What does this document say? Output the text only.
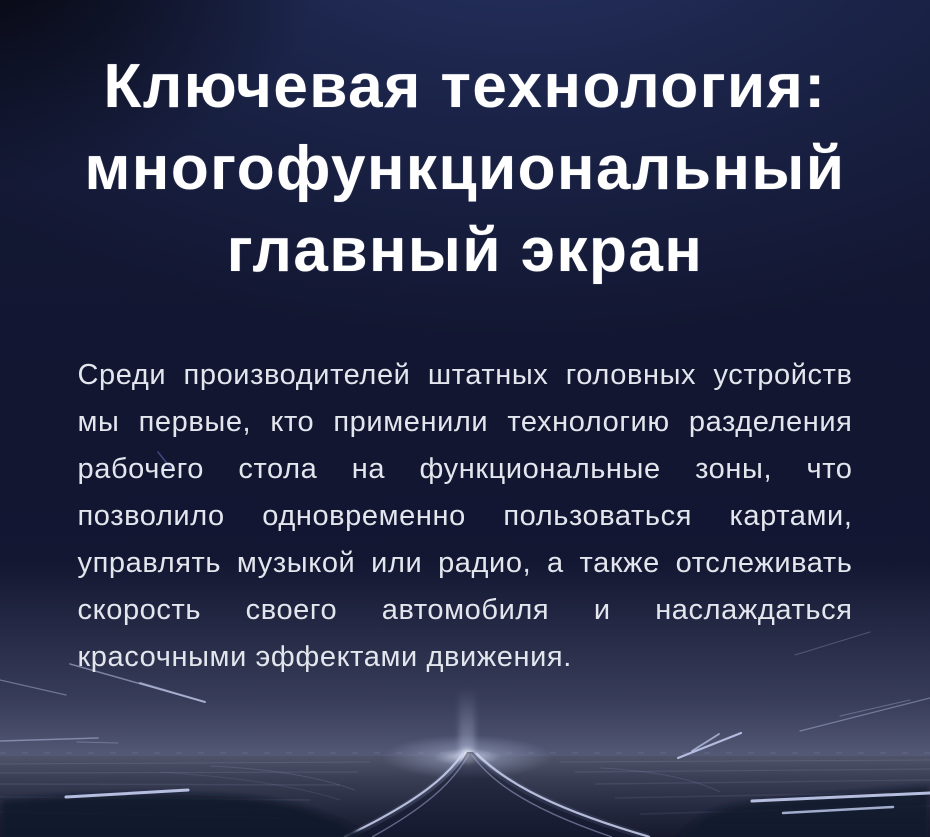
Ключевая технология:
многофункциональный
главный экран

Среди производителей штатных головных устройств мы первые, кто применили технологию разделения рабочего стола на функциональные зоны, что позволило одновременно пользоваться картами, управлять музыкой или радио, а также отслеживать скорость своего автомобиля и наслаждаться красочными эффектами движения.
